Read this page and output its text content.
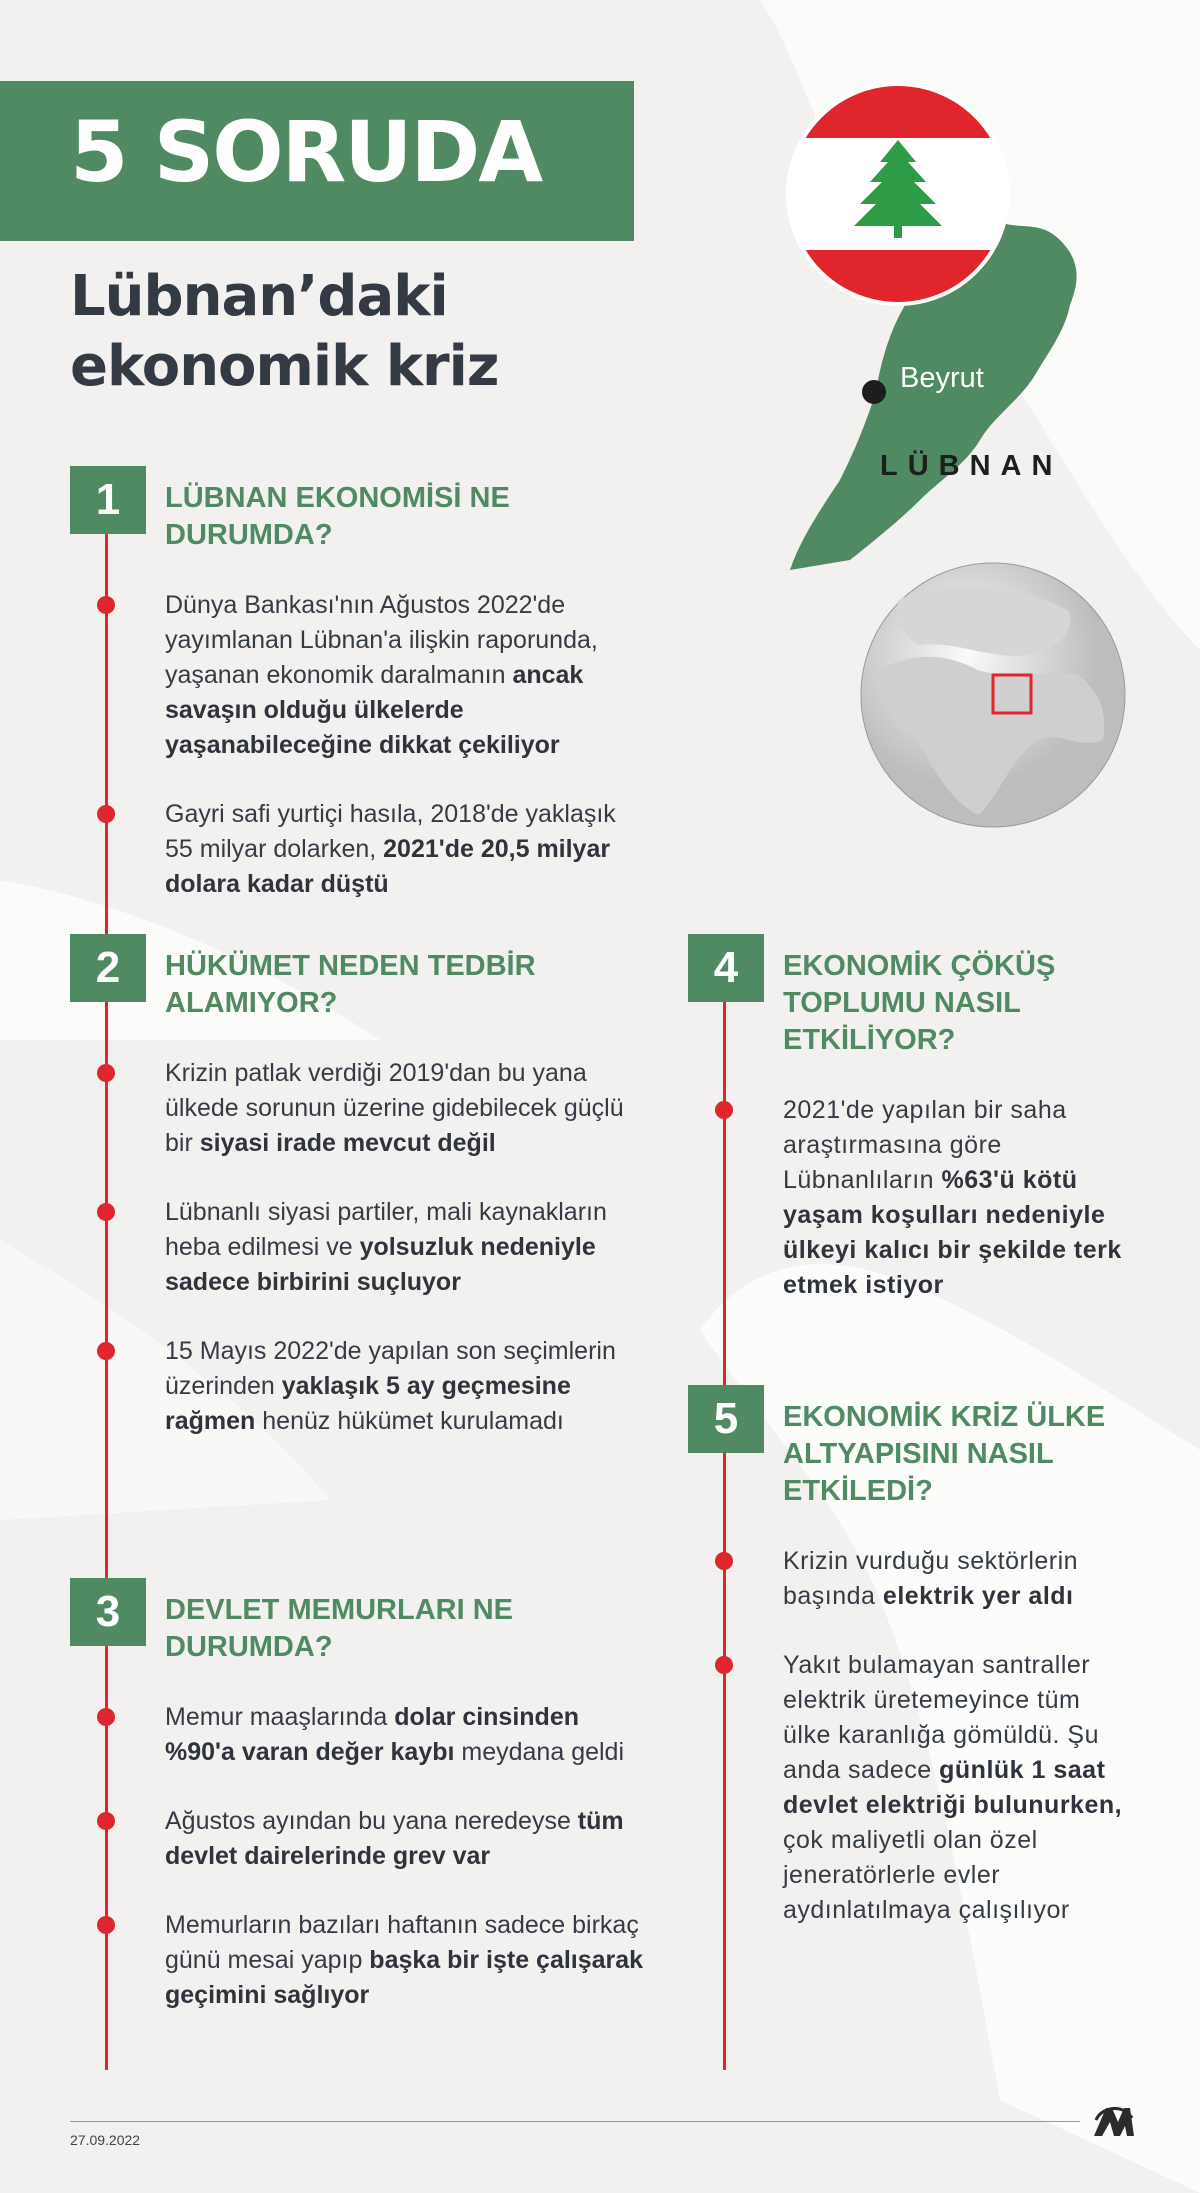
5 SORUDA
Lübnan’daki
ekonomik kriz	Beyrut
LÜBNAN
1	LÜBNAN EKONOMİSİ NE DURUMDA?
Dünya Bankası'nın Ağustos 2022'de yayımlanan Lübnan'a ilişkin raporunda, yaşanan ekonomik daralmanın ancak savaşın olduğu ülkelerde yaşanabileceğine dikkat çekiliyor
Gayri safi yurtiçi hasıla, 2018'de yaklaşık 55 milyar dolarken, 2021'de 20,5 milyar dolara kadar düştü
2	HÜKÜMET NEDEN TEDBİR ALAMIYOR?
Krizin patlak verdiği 2019'dan bu yana ülkede sorunun üzerine gidebilecek güçlü bir siyasi irade mevcut değil
Lübnanlı siyasi partiler, mali kaynakların heba edilmesi ve yolsuzluk nedeniyle sadece birbirini suçluyor
15 Mayıs 2022'de yapılan son seçimlerin üzerinden yaklaşık 5 ay geçmesine rağmen henüz hükümet kurulamadı
3	DEVLET MEMURLARI NE DURUMDA?
Memur maaşlarında dolar cinsinden %90'a varan değer kaybı meydana geldi
Ağustos ayından bu yana neredeyse tüm devlet dairelerinde grev var
Memurların bazıları haftanın sadece birkaç günü mesai yapıp başka bir işte çalışarak geçimini sağlıyor
4	EKONOMİK ÇÖKÜŞ TOPLUMU NASIL ETKİLİYOR?
2021'de yapılan bir saha araştırmasına göre Lübnanlıların %63'ü kötü yaşam koşulları nedeniyle ülkeyi kalıcı bir şekilde terk etmek istiyor
5	EKONOMİK KRİZ ÜLKE ALTYAPISINI NASIL ETKİLEDİ?
Krizin vurduğu sektörlerin başında elektrik yer aldı
Yakıt bulamayan santraller elektrik üretemeyince tüm ülke karanlığa gömüldü. Şu anda sadece günlük 1 saat devlet elektriği bulunurken, çok maliyetli olan özel jeneratörlerle evler aydınlatılmaya çalışılıyor
27.09.2022
